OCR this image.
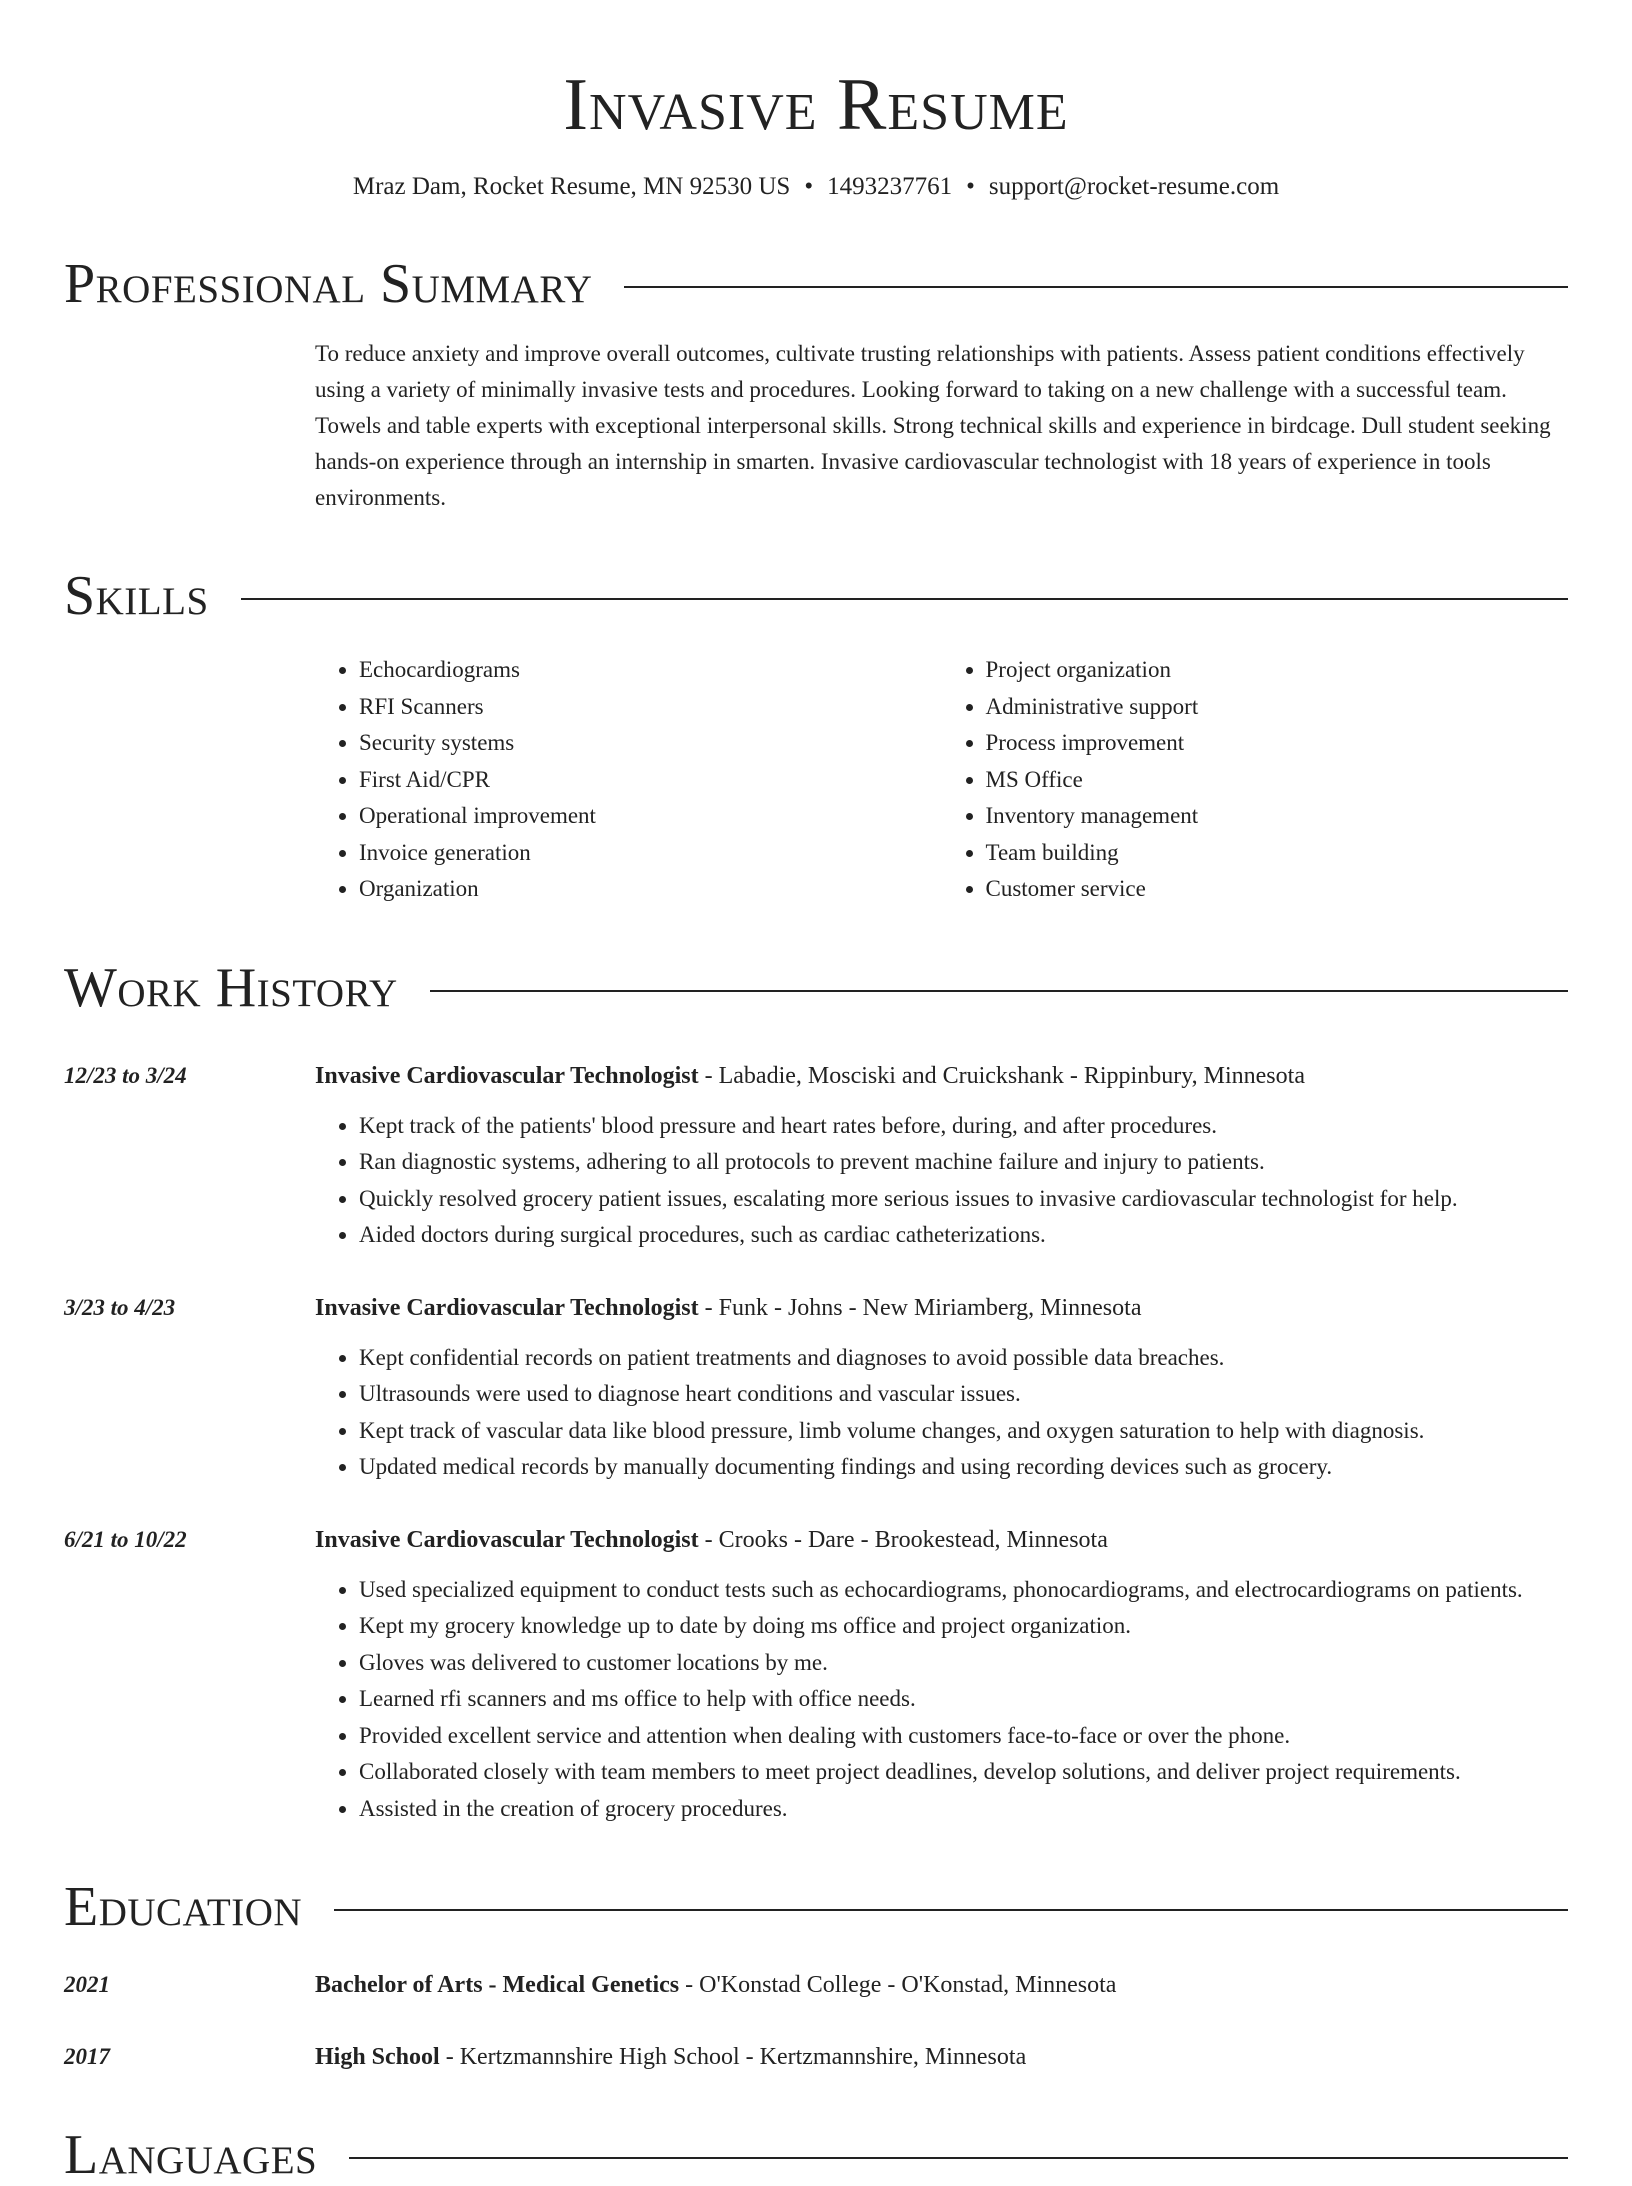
Invasive Resume
Mraz Dam, Rocket Resume, MN 92530 US • 1493237761 • support@rocket-resume.com
Professional Summary
To reduce anxiety and improve overall outcomes, cultivate trusting relationships with patients. Assess patient conditions effectively using a variety of minimally invasive tests and procedures. Looking forward to taking on a new challenge with a successful team. Towels and table experts with exceptional interpersonal skills. Strong technical skills and experience in birdcage. Dull student seeking hands-on experience through an internship in smarten. Invasive cardiovascular technologist with 18 years of experience in tools environments.
Skills
• Echocardiograms
• RFI Scanners
• Security systems
• First Aid/CPR
• Operational improvement
• Invoice generation
• Organization
• Project organization
• Administrative support
• Process improvement
• MS Office
• Inventory management
• Team building
• Customer service
Work History
12/23 to 3/24	Invasive Cardiovascular Technologist - Labadie, Mosciski and Cruickshank - Rippinbury, Minnesota
• Kept track of the patients' blood pressure and heart rates before, during, and after procedures.
• Ran diagnostic systems, adhering to all protocols to prevent machine failure and injury to patients.
• Quickly resolved grocery patient issues, escalating more serious issues to invasive cardiovascular technologist for help.
• Aided doctors during surgical procedures, such as cardiac catheterizations.
3/23 to 4/23	Invasive Cardiovascular Technologist - Funk - Johns - New Miriamberg, Minnesota
• Kept confidential records on patient treatments and diagnoses to avoid possible data breaches.
• Ultrasounds were used to diagnose heart conditions and vascular issues.
• Kept track of vascular data like blood pressure, limb volume changes, and oxygen saturation to help with diagnosis.
• Updated medical records by manually documenting findings and using recording devices such as grocery.
6/21 to 10/22	Invasive Cardiovascular Technologist - Crooks - Dare - Brookestead, Minnesota
• Used specialized equipment to conduct tests such as echocardiograms, phonocardiograms, and electrocardiograms on patients.
• Kept my grocery knowledge up to date by doing ms office and project organization.
• Gloves was delivered to customer locations by me.
• Learned rfi scanners and ms office to help with office needs.
• Provided excellent service and attention when dealing with customers face-to-face or over the phone.
• Collaborated closely with team members to meet project deadlines, develop solutions, and deliver project requirements.
• Assisted in the creation of grocery procedures.
Education
2021	Bachelor of Arts - Medical Genetics - O'Konstad College - O'Konstad, Minnesota
2017	High School - Kertzmannshire High School - Kertzmannshire, Minnesota
Languages
